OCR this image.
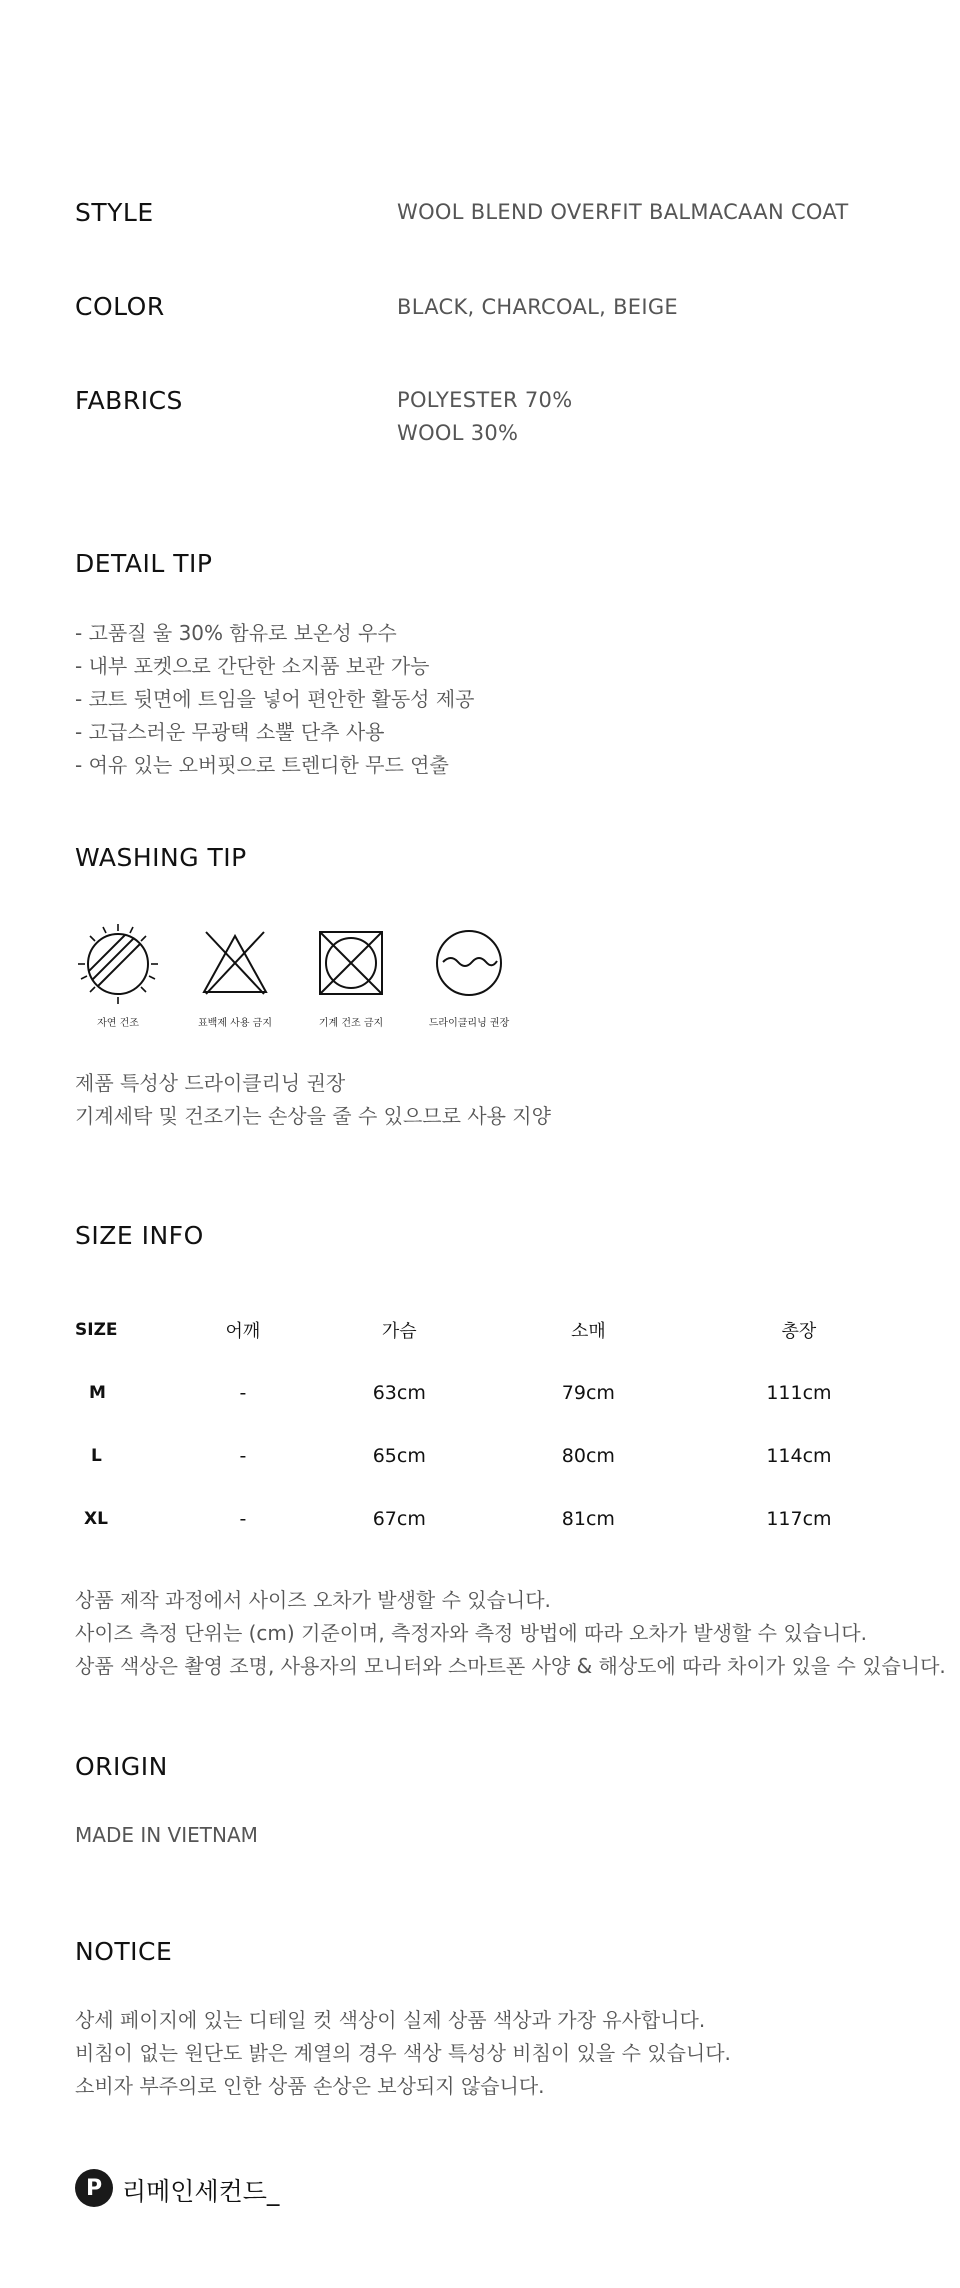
STYLE	WOOL BLEND OVERFIT BALMACAAN COAT
COLOR	BLACK, CHARCOAL, BEIGE
FABRICS	POLYESTER 70%
WOOL 30%
DETAIL TIP
- 고품질 울 30% 함유로 보온성 우수
- 내부 포켓으로 간단한 소지품 보관 가능
- 코트 뒷면에 트임을 넣어 편안한 활동성 제공
- 고급스러운 무광택 소뿔 단추 사용
- 여유 있는 오버핏으로 트렌디한 무드 연출
WASHING TIP
자연 건조	표백제 사용 금지	기계 건조 금지	드라이클리닝 권장
제품 특성상 드라이클리닝 권장
기계세탁 및 건조기는 손상을 줄 수 있으므로 사용 지양
SIZE INFO
SIZE	어깨	가슴	소매	총장
M	-	63cm	79cm	111cm
L	-	65cm	80cm	114cm
XL	-	67cm	81cm	117cm
상품 제작 과정에서 사이즈 오차가 발생할 수 있습니다.
사이즈 측정 단위는 (cm) 기준이며, 측정자와 측정 방법에 따라 오차가 발생할 수 있습니다.
상품 색상은 촬영 조명, 사용자의 모니터와 스마트폰 사양 & 해상도에 따라 차이가 있을 수 있습니다.
ORIGIN
MADE IN VIETNAM
NOTICE
상세 페이지에 있는 디테일 컷 색상이 실제 상품 색상과 가장 유사합니다.
비침이 없는 원단도 밝은 계열의 경우 색상 특성상 비침이 있을 수 있습니다.
소비자 부주의로 인한 상품 손상은 보상되지 않습니다.
P 리메인세컨드_
